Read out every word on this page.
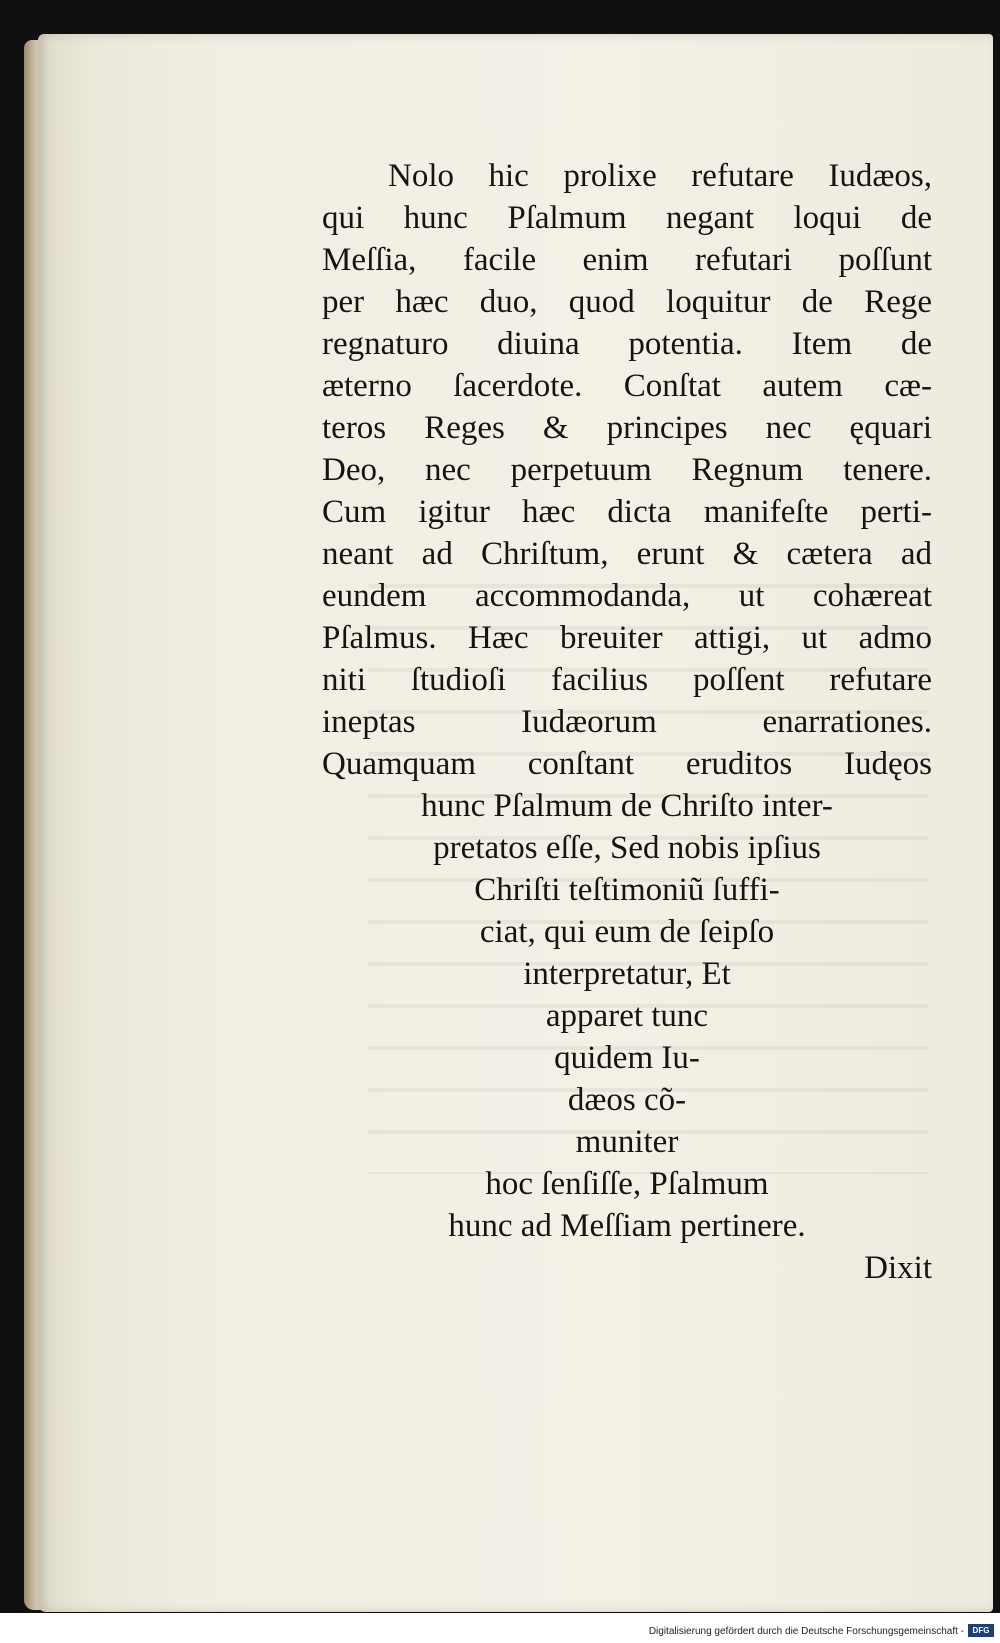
Nolo hic prolixe refutare Iudæos,
qui hunc Pſalmum negant loqui de
Meſſia, facile enim refutari poſſunt
per hæc duo, quod loquitur de Rege
regnaturo diuina potentia. Item de
æterno ſacerdote. Conſtat autem cæ-
teros Reges & principes nec ęquari
Deo, nec perpetuum Regnum tenere.
Cum igitur hæc dicta manifeſte perti-
neant ad Chriſtum, erunt & cætera ad
eundem accommodanda, ut cohæreat
Pſalmus. Hæc breuiter attigi, ut admo
niti ſtudioſi facilius poſſent refutare
ineptas Iudæorum enarrationes.
Quamquam conſtant eruditos Iudęos
hunc Pſalmum de Chriſto inter-
pretatos eſſe, Sed nobis ipſius
Chriſti teſtimoniũ ſuffi-
ciat, qui eum de ſeipſo
interpretatur, Et
apparet tunc
quidem Iu-
dæos cõ-
muniter
hoc ſenſiſſe, Pſalmum
hunc ad Meſſiam pertinere.
Dixit
Digitalisierung gefördert durch die Deutsche Forschungsgemeinschaft -	DFG
